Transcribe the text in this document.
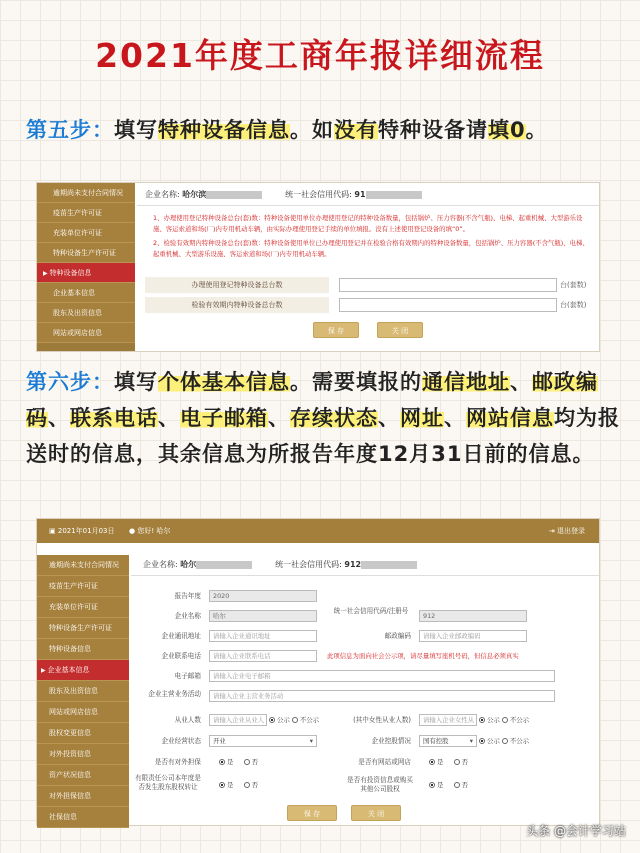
2021年度工商年报详细流程
第五步：填写特种设备信息。如没有特种设备请填0。
逾期尚未支付合同情况
疫苗生产许可证
充装单位许可证
特种设备生产许可证
▶ 特种设备信息
企业基本信息
股东及出资信息
网站或网店信息
企业名称: 哈尔滨	统一社会信用代码: 91

1、办理使用登记特种设备总台(套)数：特种设备使用单位办理使用登记的特种设备数量，包括锅炉、压力容器(不含气瓶)、电梯、起重机械、大型游乐设施、客运索道和场(厂)内专用机动车辆，由实际办理使用登记手续的单位填报。没有上述使用登记设备的填“0”。

2、检验有效期内特种设备总台(套)数：特种设备使用单位已办理使用登记并在检验合格有效期内的特种设备数量，包括锅炉、压力容器(不含气瓶)、电梯、起重机械、大型游乐设施、客运索道和场(厂)内专用机动车辆。

办理使用登记特种设备总台数	台(套数)
检验有效期内特种设备总台数	台(套数)
保 存	关 闭
第六步：填写个体基本信息。需要填报的通信地址、邮政编码、联系电话、电子邮箱、存续状态、网址、网站信息均为报送时的信息，其余信息为所报告年度12月31日前的信息。
▣ 2021年01月03日 ● 您好! 哈尔	⇥ 退出登录
逾期尚未支付合同情况
疫苗生产许可证
充装单位许可证
特种设备生产许可证
特种设备信息
▶ 企业基本信息
股东及出资信息
网站或网店信息
股权变更信息
对外投资信息
资产状况信息
对外担保信息
社保信息
企业名称: 哈尔	统一社会信用代码: 912
报告年度	2020
企业名称	哈尔
统一社会信用代码/注册号
912
企业通讯地址	请输入企业通讯地址	邮政编码	请输入企业邮政编码
企业联系电话	请输入企业联系电话	此项信息为面向社会公示项，请尽量填写座机号码，但信息必须真实
电子邮箱	请输入企业电子邮箱
企业主营业务活动	请输入企业主营业务活动
从业人数	请输入企业从业人	公示 不公示	(其中女性从业人数)	请输入企业女性从	公示 不公示
企业经营状态	开业 ▾	企业控股情况	国有控股 ▾	公示 不公示
是否有对外担保	是	否	是否有网站或网店	是	否
有限责任公司本年度是否发生股东股权转让	是	否
是否有投资信息或购买其他公司股权	是	否
保 存	关 闭
头条 @会计学习站
